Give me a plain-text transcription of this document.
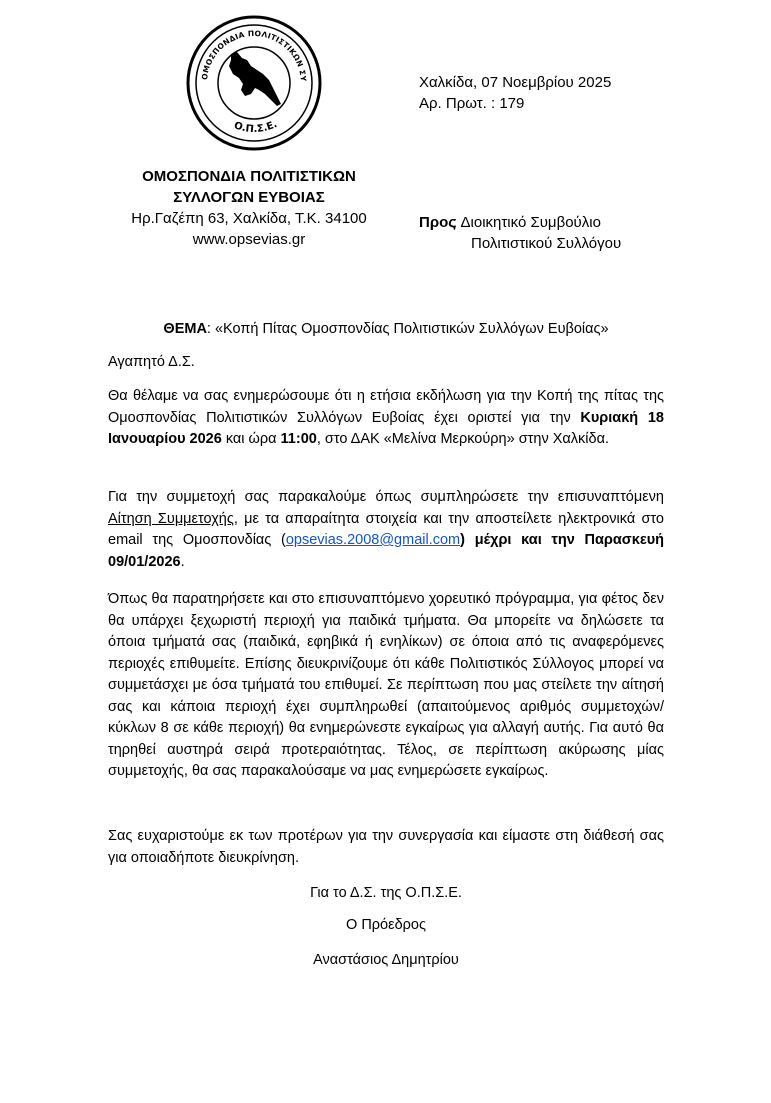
ΟΜΟΣΠΟΝΔΙΑ ΠΟΛΙΤΙΣΤΙΚΩΝ ΣΥ
Ο.Π.Σ.Ε.
ΟΜΟΣΠΟΝΔΙΑ ΠΟΛΙΤΙΣΤΙΚΩΝ
ΣΥΛΛΟΓΩΝ ΕΥΒΟΙΑΣ
Ηρ.Γαζέπη 63, Χαλκίδα, Τ.Κ. 34100
www.opsevias.gr
Χαλκίδα, 07 Νοεμβρίου 2025
Αρ. Πρωτ. : 179
Προς
: Διοικητικό Συμβούλιο
Πολιτιστικού Συλλόγου
ΘΕΜΑ: «Κοπή Πίτας Ομοσπονδίας Πολιτιστικών Συλλόγων Ευβοίας»
Αγαπητό Δ.Σ.
Θα θέλαμε να σας ενημερώσουμε ότι η ετήσια εκδήλωση για την Κοπή της πίτας της Ομοσπονδίας Πολιτιστικών Συλλόγων Ευβοίας έχει οριστεί για την Κυριακή 18 Ιανουαρίου 2026 και ώρα 11:00, στο ΔΑΚ «Μελίνα Μερκούρη» στην Χαλκίδα.
Για την συμμετοχή σας παρακαλούμε όπως συμπληρώσετε την επισυναπτόμενη Αίτηση Συμμετοχής, με τα απαραίτητα στοιχεία και την αποστείλετε ηλεκτρονικά στο email της Ομοσπονδίας (opsevias.2008@gmail.com) μέχρι και την Παρασκευή 09/01/2026.
Όπως θα παρατηρήσετε και στο επισυναπτόμενο χορευτικό πρόγραμμα, για φέτος δεν θα υπάρχει ξεχωριστή περιοχή για παιδικά τμήματα. Θα μπορείτε να δηλώσετε τα όποια τμήματά σας (παιδικά, εφηβικά ή ενηλίκων) σε όποια από τις αναφερόμενες περιοχές επιθυμείτε. Επίσης διευκρινίζουμε ότι κάθε Πολιτιστικός Σύλλογος μπορεί να συμμετάσχει με όσα τμήματά του επιθυμεί. Σε περίπτωση που μας στείλετε την αίτησή σας και κάποια περιοχή έχει συμπληρωθεί (απαιτούμενος αριθμός συμμετοχών/κύκλων 8 σε κάθε περιοχή) θα ενημερώνεστε εγκαίρως για αλλαγή αυτής. Για αυτό θα τηρηθεί αυστηρά σειρά προτεραιότητας. Τέλος, σε περίπτωση ακύρωσης μίας συμμετοχής, θα σας παρακαλούσαμε να μας ενημερώσετε εγκαίρως.
Σας ευχαριστούμε εκ των προτέρων για την συνεργασία και είμαστε στη διάθεσή σας για οποιαδήποτε διευκρίνηση.
Για το Δ.Σ. της Ο.Π.Σ.Ε.
Ο Πρόεδρος
Αναστάσιος Δημητρίου
